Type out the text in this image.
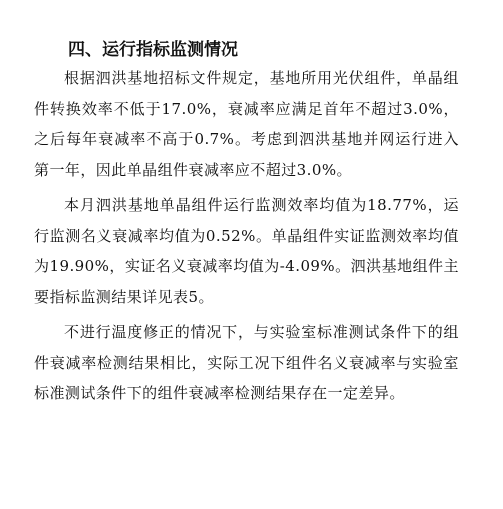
四、运行指标监测情况

根据泗洪基地招标文件规定，基地所用光伏组件，单晶组件转换效率不低于17.0%，衰减率应满足首年不超过3.0%，之后每年衰减率不高于0.7%。考虑到泗洪基地并网运行进入第一年，因此单晶组件衰减率应不超过3.0%。

本月泗洪基地单晶组件运行监测效率均值为18.77%，运行监测名义衰减率均值为0.52%。单晶组件实证监测效率均值为19.90%，实证名义衰减率均值为-4.09%。泗洪基地组件主要指标监测结果详见表5。

不进行温度修正的情况下，与实验室标准测试条件下的组件衰减率检测结果相比，实际工况下组件名义衰减率与实验室标准测试条件下的组件衰减率检测结果存在一定差异。
